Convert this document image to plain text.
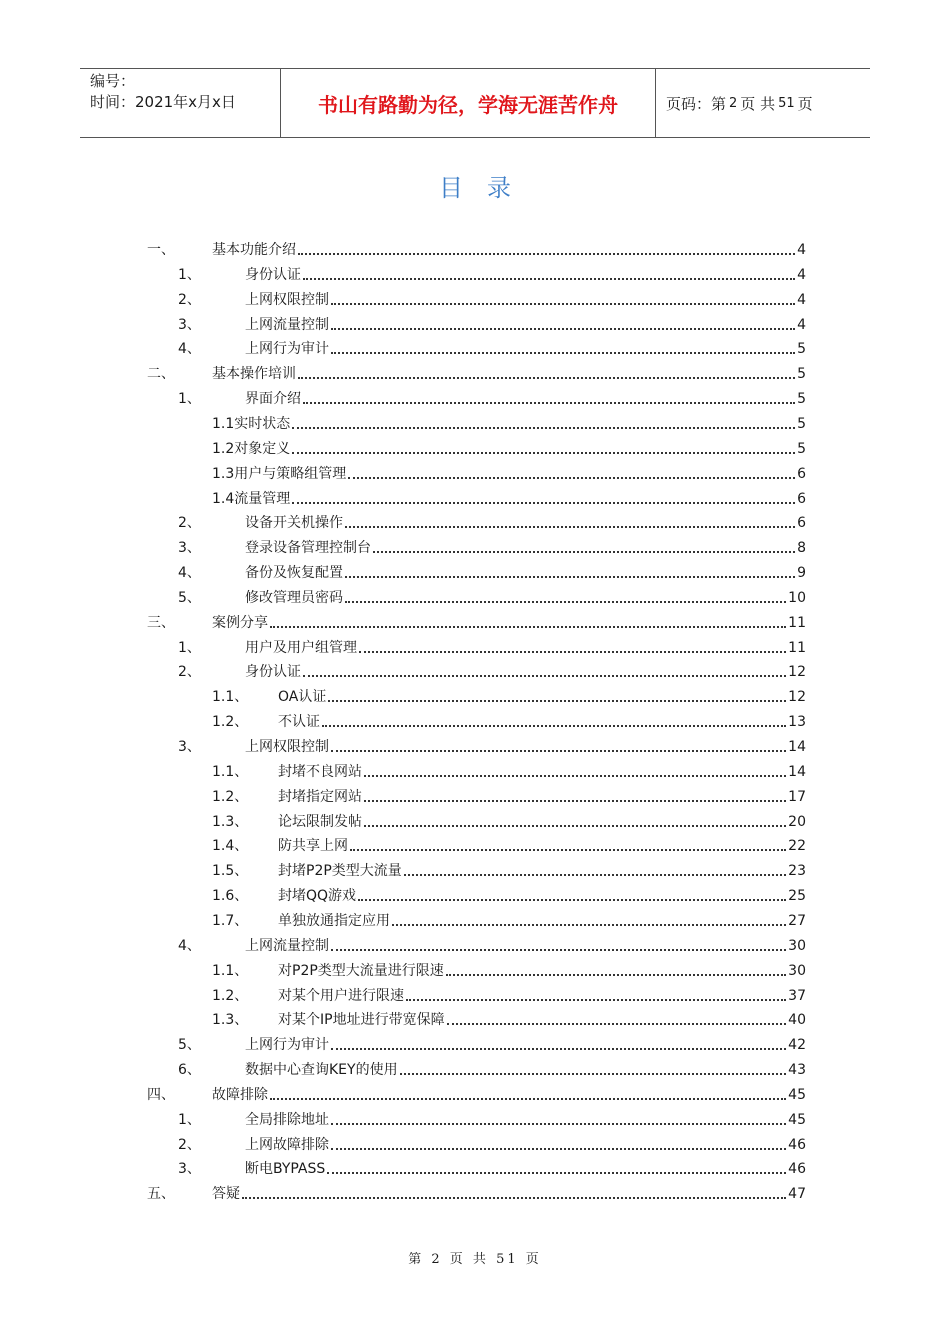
编号：
时间：2021年x月x日	书山有路勤为径，学海无涯苦作舟	页码：第 2 页 共 51 页
目录
一、	基本功能介绍	4
1、	身份认证	4
2、	上网权限控制	4
3、	上网流量控制	4
4、	上网行为审计	5
二、	基本操作培训	5
1、	界面介绍	5
1.1实时状态	5
1.2对象定义	5
1.3用户与策略组管理	6
1.4流量管理	6
2、	设备开关机操作	6
3、	登录设备管理控制台	8
4、	备份及恢复配置	9
5、	修改管理员密码	10
三、	案例分享	11
1、	用户及用户组管理	11
2、	身份认证	12
1.1、	OA认证	12
1.2、	不认证	13
3、	上网权限控制	14
1.1、	封堵不良网站	14
1.2、	封堵指定网站	17
1.3、	论坛限制发帖	20
1.4、	防共享上网	22
1.5、	封堵P2P类型大流量	23
1.6、	封堵QQ游戏	25
1.7、	单独放通指定应用	27
4、	上网流量控制	30
1.1、	对P2P类型大流量进行限速	30
1.2、	对某个用户进行限速	37
1.3、	对某个IP地址进行带宽保障	40
5、	上网行为审计	42
6、	数据中心查询KEY的使用	43
四、	故障排除	45
1、	全局排除地址	45
2、	上网故障排除	46
3、	断电BYPASS	46
五、	答疑	47
第 2 页 共 51 页
